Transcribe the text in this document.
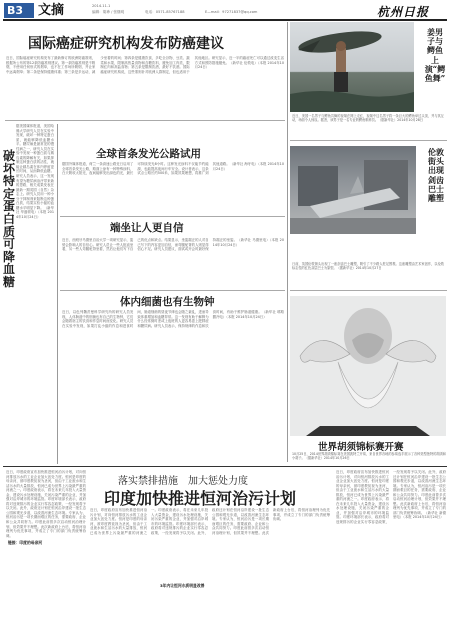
B3	文摘	2014.11.1
编辑：胡珍 / 张继明	电话：0571-85767188	E—mail：97271837@qq.com	杭州日报
国际癌症研究机构发布防癌建议
近日，国际癌症研究机构发布了最新修订的欧洲防癌准则，根据所公布的第12条防癌准则建议。第一条防癌准则是不吸烟，不使用任何形式的烟草，也不在工作场所吸烟，并让家中远离烟草；第二条是保持健康体重；第三条是多运动，减少坐着的时间；第四条是健康饮食，多吃全谷物、豆类、蔬菜和水果，限制高热量食物和含糖饮料，避免加工肉类，限制红肉和高盐食物；第五条是限制饮酒，最好不饮酒。国际癌症研究机构说，这些准则针对欧洲人群制定，但也适用于其他地区。研究显示，近一半的癌症死亡可以通过改变生活方式和预防措施避免。（新华社 伦敦电）（本报 2014年10月24日）
破坏特定蛋白质可降血糖
据美国媒体报道，美国哈佛大学研究人员在实验中发现，破坏一种特定蛋白质，就能够降低血糖水平。糖尿病是最常见的慢性病之一，研究人员在实验中发现一种蛋白质与胰岛素的降解有关，如果抑制这种蛋白质的活性，就能让胰岛素在体内停留更长时间，从而降低血糖。研究人员表示，这一发现有望为糖尿病治疗带来新的思路，相关成果发表在最新一期英国《自然》杂志上。研究人员用一种小分子抑制剂来阻断这种蛋白质，结果实验小鼠的血糖水平明显下降。（新华社 华盛顿电）（本报 2014年10月24日）
全球首条发光公路试用
据国外媒体报道，荷兰一条高速公路近日启用了全球首条发光公路，路面上涂有一种特殊涂料，白天吸收太阳光，夜间能够发出绿色的光，最长可持续发光8小时。这种发光涂料不仅能节约能源，也能提高夜间行车安全。设计者表示，这条试点公路长约500米，如果效果理想，将推广到其他道路。（新华社 海牙电）（本报 2014年10月24日）
端坐让人更自信
近日，西班牙马德里自治大学一项研究显示，姿势会影响人的自信心。研究人员让一些人挺直坐着，另一些人弯腰驼背坐着，然后让他们写下自己的优点和缺点。结果显示，坐姿端正的人对自己写下的内容更加自信，而弯腰驼背的人则显得信心不足。研究人员建议，面试或开会时最好保持端正的坐姿。（新华社 马德里电）（本报 2014年10月24日）
体内细菌也有生物钟
近日，以色列魏茨曼科学研究所的研究人员发现，人体肠道中的细菌也有自己的生物钟，它们会随着宿主的饮食和作息时间而变化。研究人员在实验中发现，如果打乱小鼠的作息和进食时间，肠道细菌的昼夜节律也会随之紊乱，进而导致体重增加和血糖异常。这一发现有助于解释为什么经常倒时差或上夜班的人更容易患上肥胖症和糖尿病。研究人员表示，保持规律的作息和饮食时间，有助于维护肠道健康。（新华社 耶路撒冷电）（本报 2014年10月24日）
姜男子与鳄鱼上演“鳄鱼舞”
近日，美国一名男子与鳄鱼共舞的视频在网上走红，视频中这名男子将一条巨大的鳄鱼举过头顶，并与其互动，场面令人惊叹。据悉，该男子是一名专业的鳄鱼驯养员。（据新华社）2014年10月28日
伦敦街头出现剑齿巴士雕塑
日前，英国伦敦街头出现了一座剑齿巴士雕塑，吸引了不少路人驻足围观。这座雕塑由艺术家创作，以伦敦标志性的红色双层巴士为原型。（据新华社）2014年10月27日
世界胡须锦标赛开赛
10月25日，2014世界胡须锦标赛在美国波特兰开赛，来自世界各地的参赛选手展示了各种造型独特的胡须和小胡子。（据新华社）2014年10月26日
近日，印度政府宣布加快推进恒河治污计划，对向恒河排放污水的工业企业加大惩处力度。恒河是印度的母亲河，被印度教徒视为圣河，但由于工业废水和生活污水的大量排放，恒河已成为世界上污染最严重的河流之一。印度政府表示，将在未来几年投入大量资金，建设污水处理设施，关闭污染严重的企业，并加强对沿岸城市的环境监管。印度环境部长表示，政府将对违规排污的企业实行零容忍政策，一经发现将予以关闭。此外，政府还计划在恒河沿岸建设一批生态公园和观光步道，以改善河流生态环境。专家认为，恒河治污是一项长期而艰巨的任务，需要政府、企业和公众共同努力。印度此前曾多次启动恒河治理计划，但效果并不理想。此次新政府上台后，将恒河治理列为优先事项，并成立了专门的部门负责统筹协调。
落实禁排措施　加大惩处力度
印度加快推进恒河治污计划
链接：印度的母亲河
近日，印度政府宣布加快推进恒河治污计划，对向恒河排放污水的工业企业加大惩处力度。恒河是印度的母亲河，被印度教徒视为圣河，但由于工业废水和生活污水的大量排放，恒河已成为世界上污染最严重的河流之一。印度政府表示，将在未来几年投入大量资金，建设污水处理设施，关闭污染严重的企业，并加强对沿岸城市的环境监管。印度环境部长表示，政府将对违规排污的企业实行零容忍政策，一经发现将予以关闭。此外，政府还计划在恒河沿岸建设一批生态公园和观光步道，以改善河流生态环境。专家认为，恒河治污是一项长期而艰巨的任务，需要政府、企业和公众共同努力。印度此前曾多次启动恒河治理计划，但效果并不理想。此次新政府上台后，将恒河治理列为优先事项，并成立了专门的部门负责统筹协调。
3年内让恒河水质明显改善
近日，印度政府宣布加快推进恒河治污计划，对向恒河排放污水的工业企业加大惩处力度。恒河是印度的母亲河，被印度教徒视为圣河，但由于工业废水和生活污水的大量排放，恒河已成为世界上污染最严重的河流之一。印度政府表示，将在未来几年投入大量资金，建设污水处理设施，关闭污染严重的企业，并加强对沿岸城市的环境监管。印度环境部长表示，政府将对违规排污的企业实行零容忍政策，一经发现将予以关闭。此外，政府还计划在恒河沿岸建设一批生态公园和观光步道，以改善河流生态环境。专家认为，恒河治污是一项长期而艰巨的任务，需要政府、企业和公众共同努力。印度此前曾多次启动恒河治理计划，但效果并不理想。此次新政府上台后，将恒河治理列为优先事项，并成立了专门的部门负责统筹协调。（新华社 新德里电）（本报 2014年10月24日）
